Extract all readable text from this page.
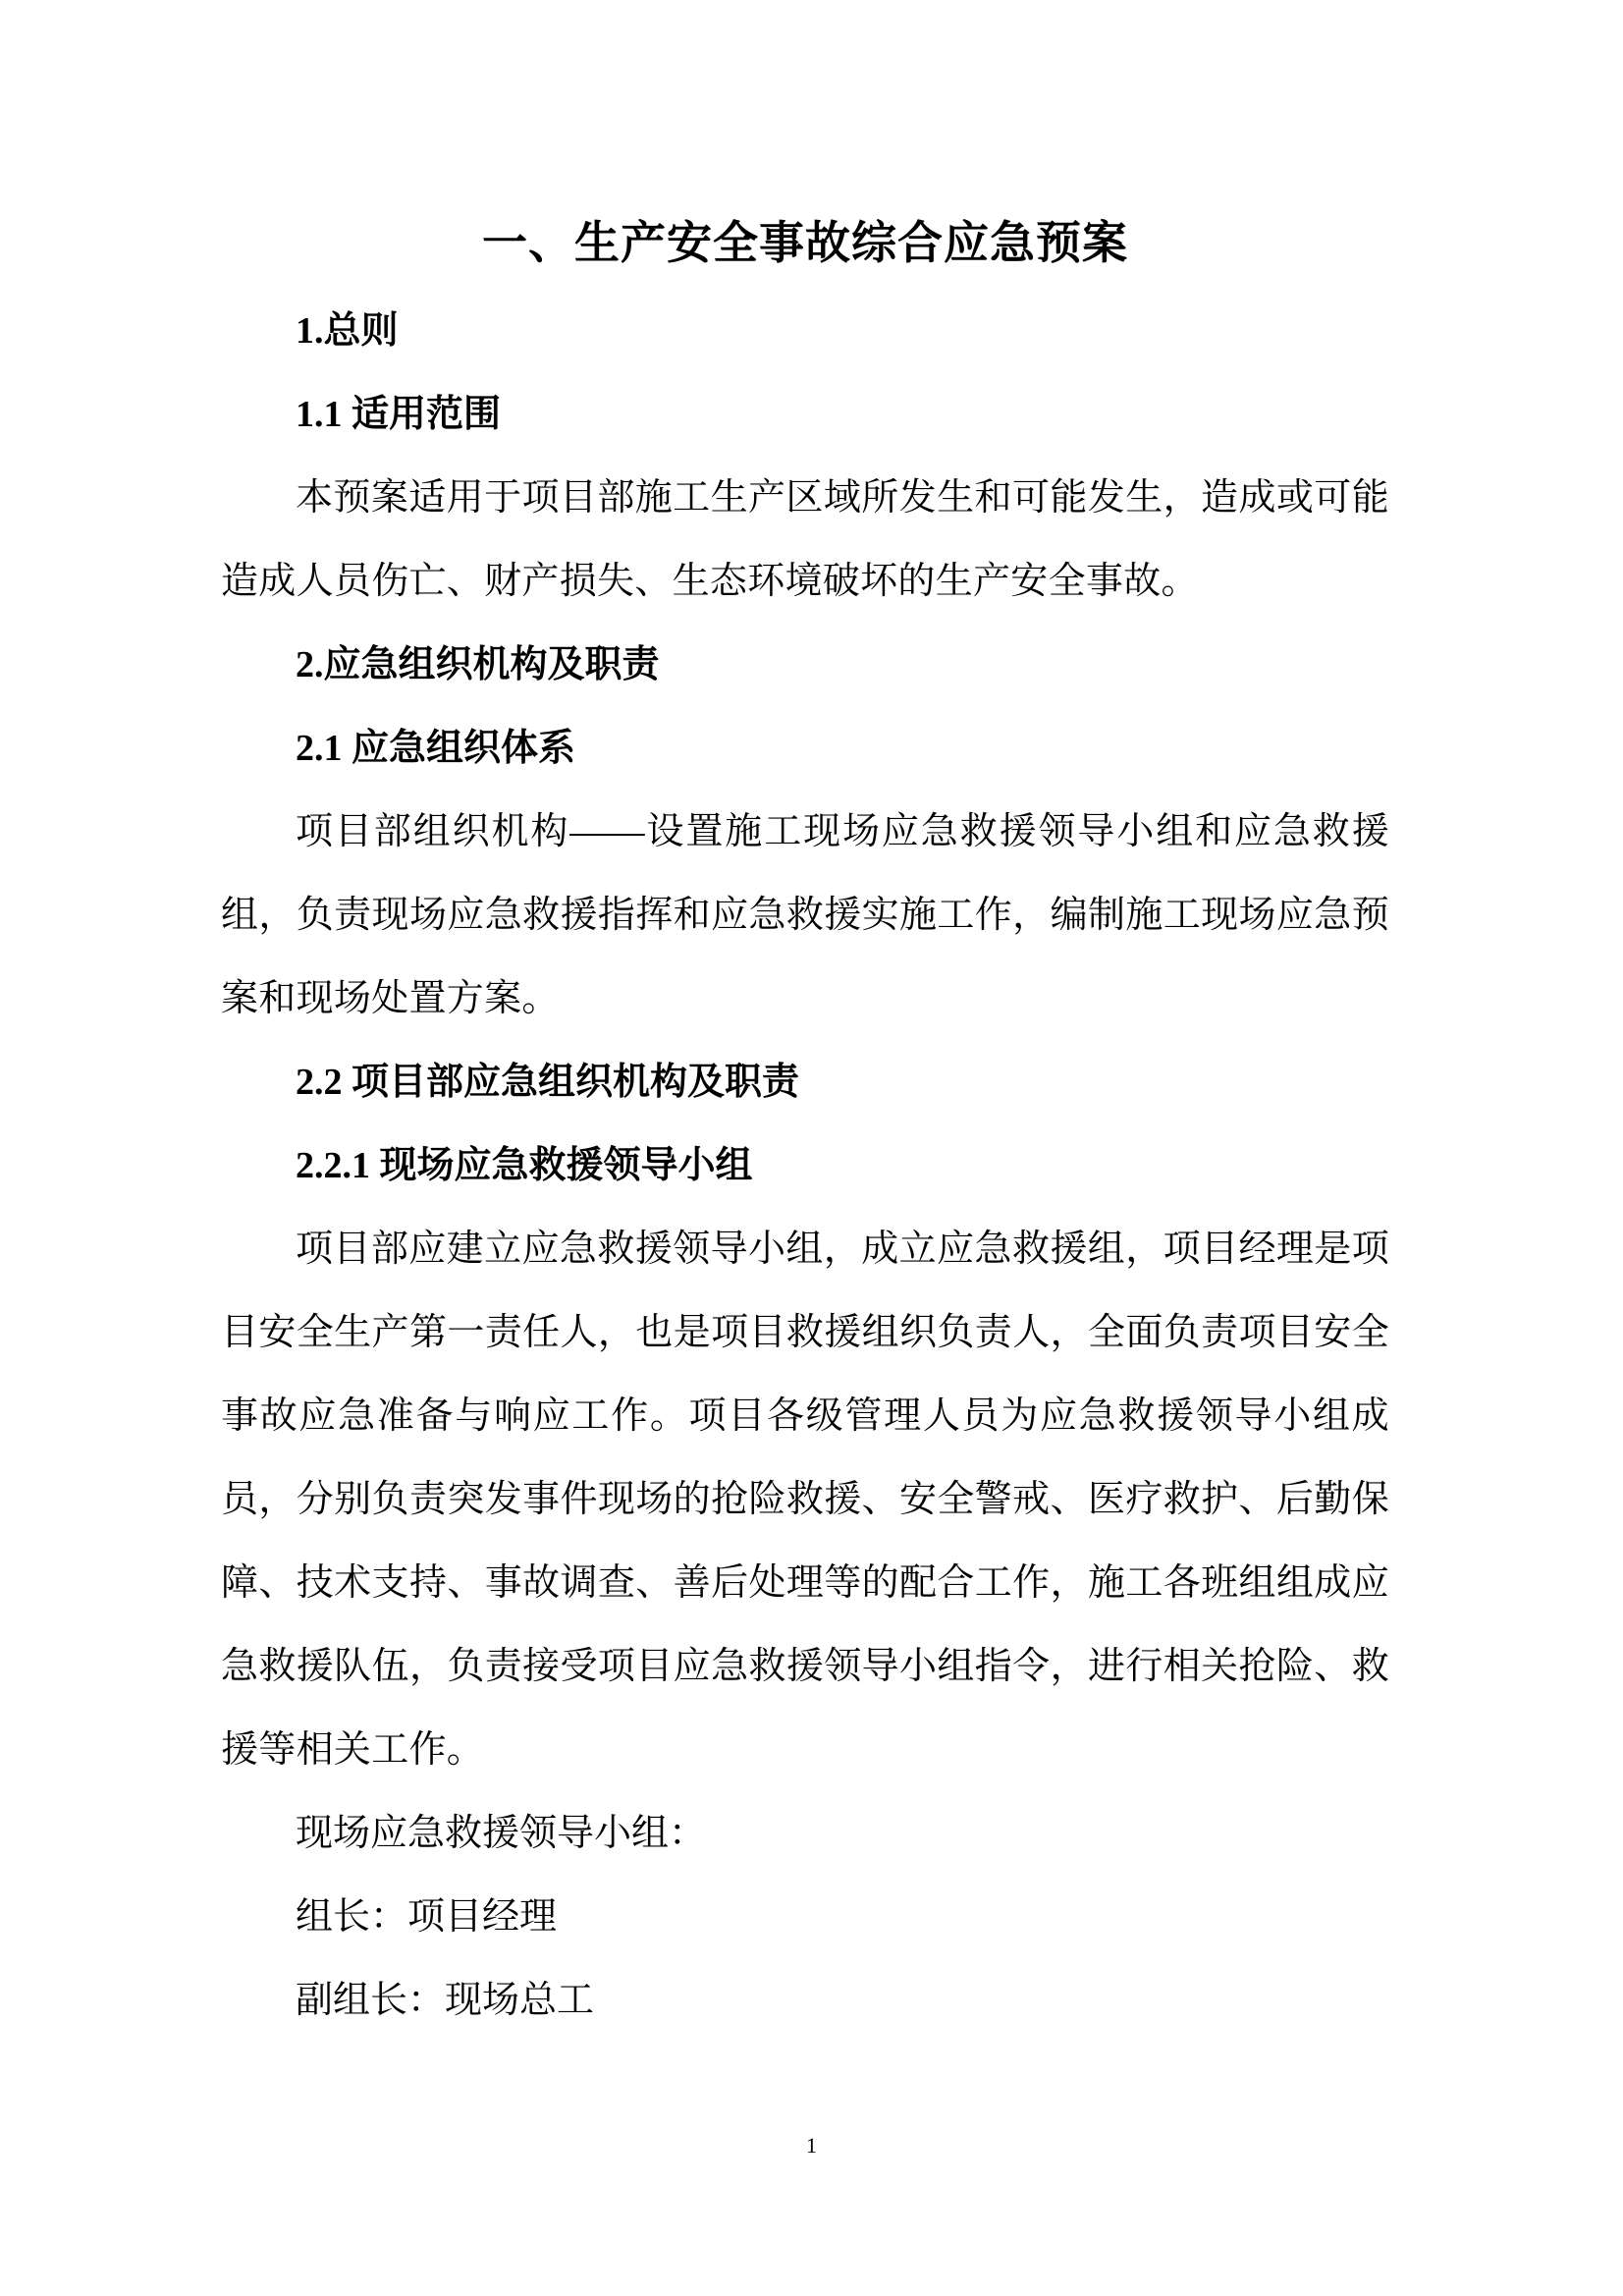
一、生产安全事故综合应急预案
1.总则
1.1 适用范围
本预案适用于项目部施工生产区域所发生和可能发生，造成或可能造成人员伤亡、财产损失、生态环境破坏的生产安全事故。
2.应急组织机构及职责
2.1 应急组织体系
项目部组织机构——设置施工现场应急救援领导小组和应急救援组，负责现场应急救援指挥和应急救援实施工作，编制施工现场应急预案和现场处置方案。
2.2 项目部应急组织机构及职责
2.2.1 现场应急救援领导小组
项目部应建立应急救援领导小组，成立应急救援组，项目经理是项目安全生产第一责任人，也是项目救援组织负责人，全面负责项目安全事故应急准备与响应工作。项目各级管理人员为应急救援领导小组成员，分别负责突发事件现场的抢险救援、安全警戒、医疗救护、后勤保障、技术支持、事故调查、善后处理等的配合工作，施工各班组组成应急救援队伍，负责接受项目应急救援领导小组指令，进行相关抢险、救援等相关工作。
现场应急救援领导小组：
组长：项目经理
副组长：现场总工
1
